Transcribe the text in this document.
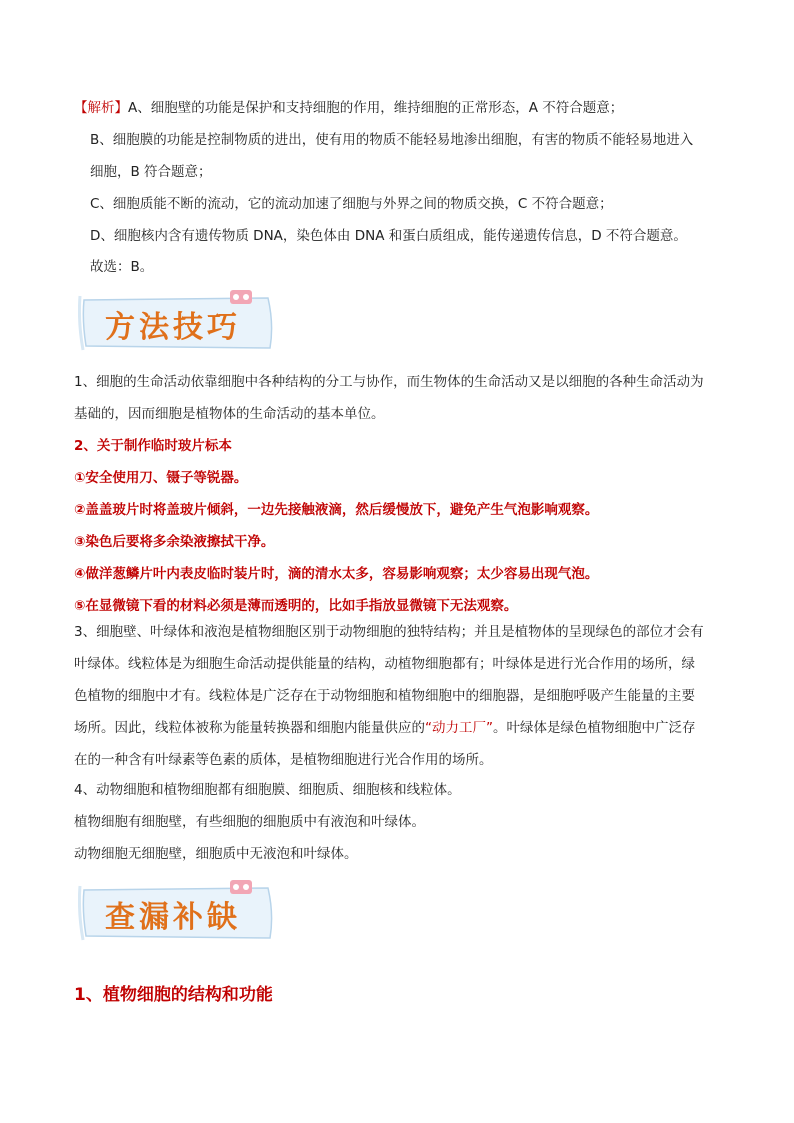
【解析】A、细胞壁的功能是保护和支持细胞的作用，维持细胞的正常形态，A 不符合题意；
B、细胞膜的功能是控制物质的进出，使有用的物质不能轻易地渗出细胞，有害的物质不能轻易地进入
细胞，B 符合题意；
C、细胞质能不断的流动，它的流动加速了细胞与外界之间的物质交换，C 不符合题意；
D、细胞核内含有遗传物质 DNA，染色体由 DNA 和蛋白质组成，能传递遗传信息，D 不符合题意。
故选：B。
方法技巧
1、细胞的生命活动依靠细胞中各种结构的分工与协作，而生物体的生命活动又是以细胞的各种生命活动为
基础的，因而细胞是植物体的生命活动的基本单位。
2、关于制作临时玻片标本
①安全使用刀、镊子等锐器。
②盖盖玻片时将盖玻片倾斜，一边先接触液滴，然后缓慢放下，避免产生气泡影响观察。
③染色后要将多余染液擦拭干净。
④做洋葱鳞片叶内表皮临时装片时，滴的清水太多，容易影响观察；太少容易出现气泡。
⑤在显微镜下看的材料必须是薄而透明的，比如手指放显微镜下无法观察。
3、细胞壁、叶绿体和液泡是植物细胞区别于动物细胞的独特结构；并且是植物体的呈现绿色的部位才会有
叶绿体。线粒体是为细胞生命活动提供能量的结构，动植物细胞都有；叶绿体是进行光合作用的场所，绿
色植物的细胞中才有。线粒体是广泛存在于动物细胞和植物细胞中的细胞器，是细胞呼吸产生能量的主要
场所。因此，线粒体被称为能量转换器和细胞内能量供应的“动力工厂”。叶绿体是绿色植物细胞中广泛存
在的一种含有叶绿素等色素的质体，是植物细胞进行光合作用的场所。
4、动物细胞和植物细胞都有细胞膜、细胞质、细胞核和线粒体。
植物细胞有细胞壁，有些细胞的细胞质中有液泡和叶绿体。
动物细胞无细胞壁，细胞质中无液泡和叶绿体。
查漏补缺
1、植物细胞的结构和功能
